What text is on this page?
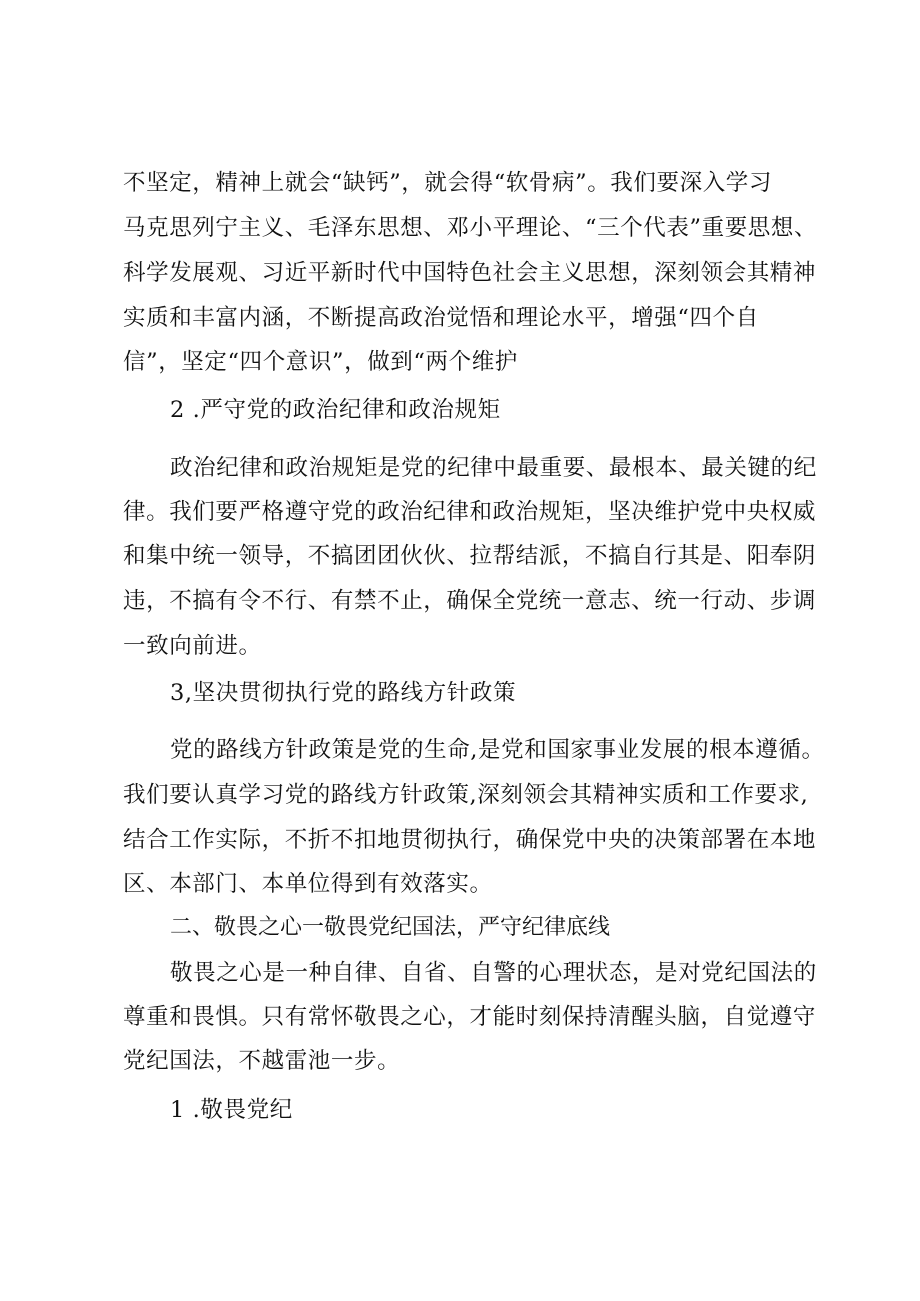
不坚定，精神上就会“缺钙”，就会得“软骨病”。我们要深入学习
马克思列宁主义、毛泽东思想、邓小平理论、“三个代表”重要思想、
科学发展观、习近平新时代中国特色社会主义思想，深刻领会其精神
实质和丰富内涵，不断提高政治觉悟和理论水平，增强“四个自
信”，坚定“四个意识”，做到“两个维护
2 .严守党的政治纪律和政治规矩
政治纪律和政治规矩是党的纪律中最重要、最根本、最关键的纪
律。我们要严格遵守党的政治纪律和政治规矩，坚决维护党中央权威
和集中统一领导，不搞团团伙伙、拉帮结派，不搞自行其是、阳奉阴
违，不搞有令不行、有禁不止，确保全党统一意志、统一行动、步调
一致向前进。
3,坚决贯彻执行党的路线方针政策
党的路线方针政策是党的生命,是党和国家事业发展的根本遵循。
我们要认真学习党的路线方针政策,深刻领会其精神实质和工作要求,
结合工作实际，不折不扣地贯彻执行，确保党中央的决策部署在本地
区、本部门、本单位得到有效落实。
二、敬畏之心一敬畏党纪国法，严守纪律底线
敬畏之心是一种自律、自省、自警的心理状态，是对党纪国法的
尊重和畏惧。只有常怀敬畏之心，才能时刻保持清醒头脑，自觉遵守
党纪国法，不越雷池一步。
1 .敬畏党纪
